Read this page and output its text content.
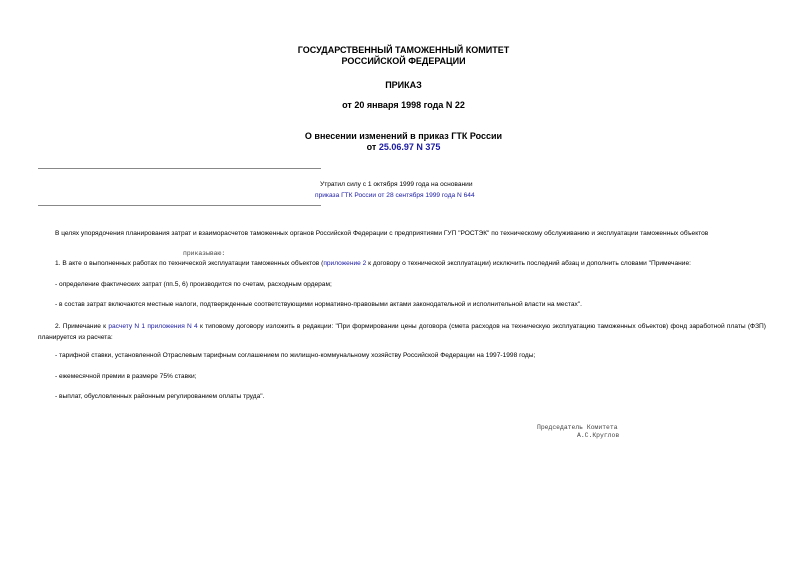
ГОСУДАРСТВЕННЫЙ ТАМОЖЕННЫЙ КОМИТЕТ
РОССИЙСКОЙ ФЕДЕРАЦИИ
ПРИКАЗ
от 20 января 1998 года N 22
О внесении изменений в приказ ГТК России
от 25.06.97 N 375
Утратил силу с 1 октября 1999 года на основании
приказа ГТК России от 28 сентября 1999 года N 644
В целях упорядочения планирования затрат и взаиморасчетов таможенных органов Российской Федерации с предприятиями ГУП "РОСТЭК" по техническому обслуживанию и эксплуатации таможенных объектов
приказываю:
1. В акте о выполненных работах по технической эксплуатации таможенных объектов (приложение 2 к договору о технической эксплуатации) исключить последний абзац и дополнить словами "Примечание:
- определение фактических затрат (пп.5, 6) производится по счетам, расходным ордерам;
- в состав затрат включаются местные налоги, подтвержденные соответствующими нормативно-правовыми актами законодательной и исполнительной власти на местах".
2. Примечание к расчету N 1 приложения N 4 к типовому договору изложить в редакции: "При формировании цены договора (смета расходов на техническую эксплуатацию таможенных объектов) фонд заработной платы (ФЗП) планируется из расчета:
- тарифной ставки, установленной Отраслевым тарифным соглашением по жилищно-коммунальному хозяйству Российской Федерации на 1997-1998 годы;
- ежемесячной премии в размере 75% ставки;
- выплат, обусловленных районным регулированием оплаты труда".
Председатель Комитета
А.С.Круглов
